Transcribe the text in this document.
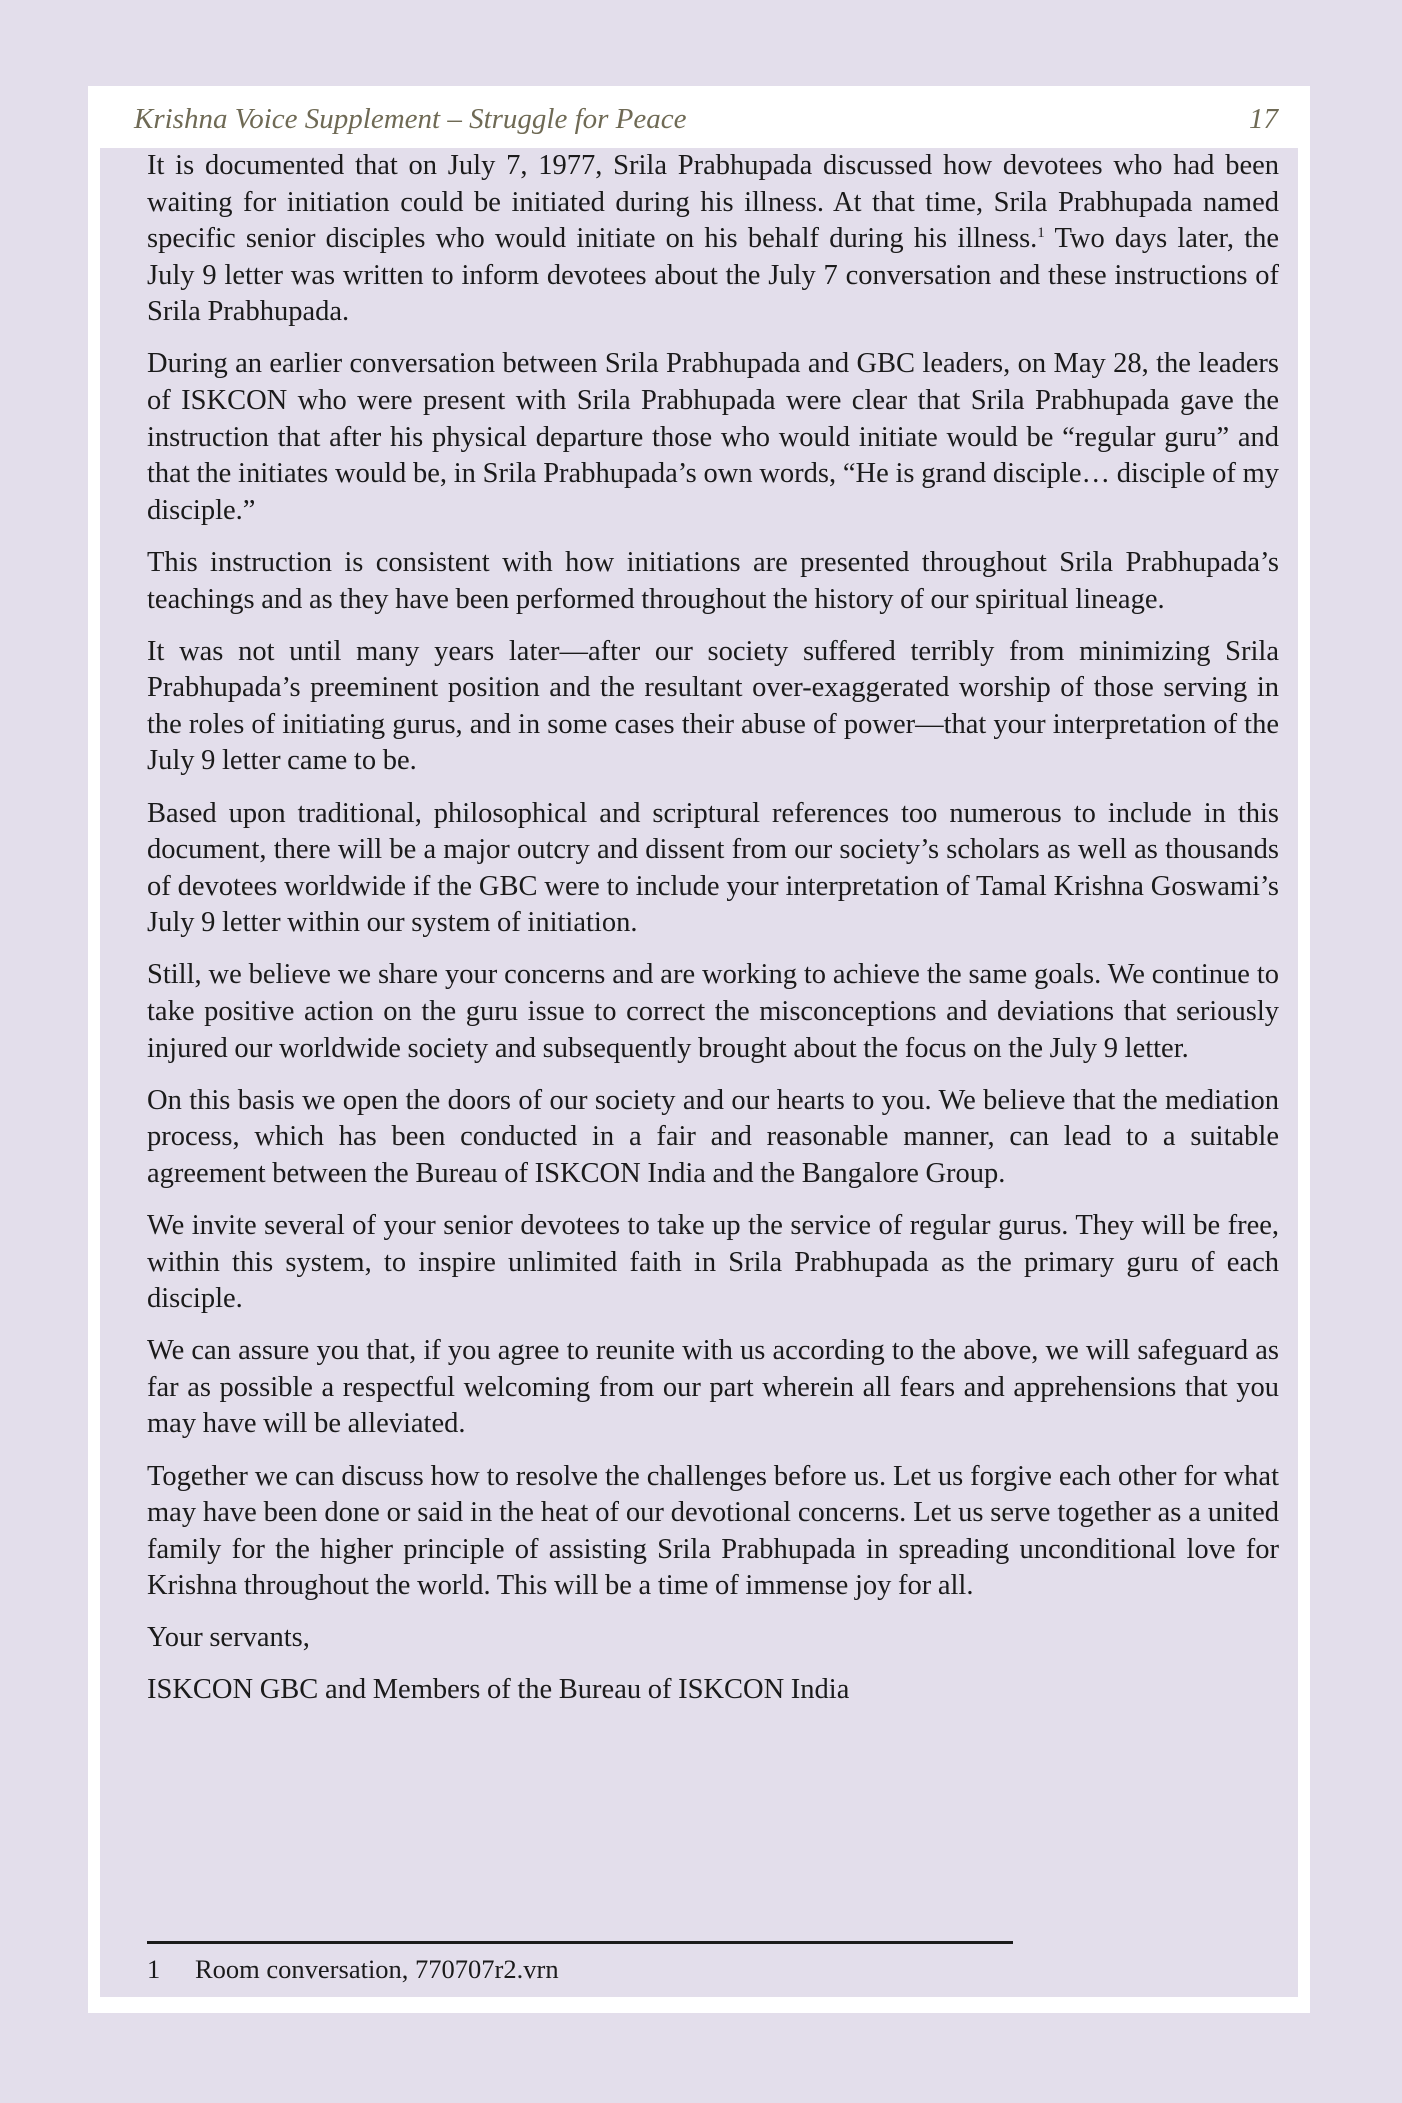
Krishna Voice Supplement – Struggle for Peace	17

It is documented that on July 7, 1977, Srila Prabhupada discussed how devotees who had been waiting for initiation could be initiated during his illness. At that time, Srila Prabhupada named specific senior disciples who would initiate on his behalf during his illness.$^1$ Two days later, the July 9 letter was written to inform devotees about the July 7 conversation and these instructions of Srila Prabhupada.

During an earlier conversation between Srila Prabhupada and GBC leaders, on May 28, the leaders of ISKCON who were present with Srila Prabhupada were clear that Srila Prabhupada gave the instruction that after his physical departure those who would initiate would be “regular guru” and that the initiates would be, in Srila Prabhupada’s own words, “He is grand disciple… disciple of my disciple.”

This instruction is consistent with how initiations are presented throughout Srila Prabhupada’s teachings and as they have been performed throughout the history of our spiritual lineage.

It was not until many years later—after our society suffered terribly from minimizing Srila Prabhupada’s preeminent position and the resultant over-exaggerated worship of those serving in the roles of initiating gurus, and in some cases their abuse of power—that your interpretation of the July 9 letter came to be.

Based upon traditional, philosophical and scriptural references too numerous to include in this document, there will be a major outcry and dissent from our society’s scholars as well as thousands of devotees worldwide if the GBC were to include your interpretation of Tamal Krishna Goswami’s July 9 letter within our system of initiation.

Still, we believe we share your concerns and are working to achieve the same goals. We continue to take positive action on the guru issue to correct the misconceptions and deviations that seriously injured our worldwide society and subsequently brought about the focus on the July 9 letter.

On this basis we open the doors of our society and our hearts to you. We believe that the mediation process, which has been conducted in a fair and reasonable manner, can lead to a suitable agreement between the Bureau of ISKCON India and the Bangalore Group.

We invite several of your senior devotees to take up the service of regular gurus. They will be free, within this system, to inspire unlimited faith in Srila Prabhupada as the primary guru of each disciple.

We can assure you that, if you agree to reunite with us according to the above, we will safeguard as far as possible a respectful welcoming from our part wherein all fears and apprehensions that you may have will be alleviated.

Together we can discuss how to resolve the challenges before us. Let us forgive each other for what may have been done or said in the heat of our devotional concerns. Let us serve together as a united family for the higher principle of assisting Srila Prabhupada in spreading unconditional love for Krishna throughout the world. This will be a time of immense joy for all.

Your servants,

ISKCON GBC and Members of the Bureau of ISKCON India

1	Room conversation, 770707r2.vrn
